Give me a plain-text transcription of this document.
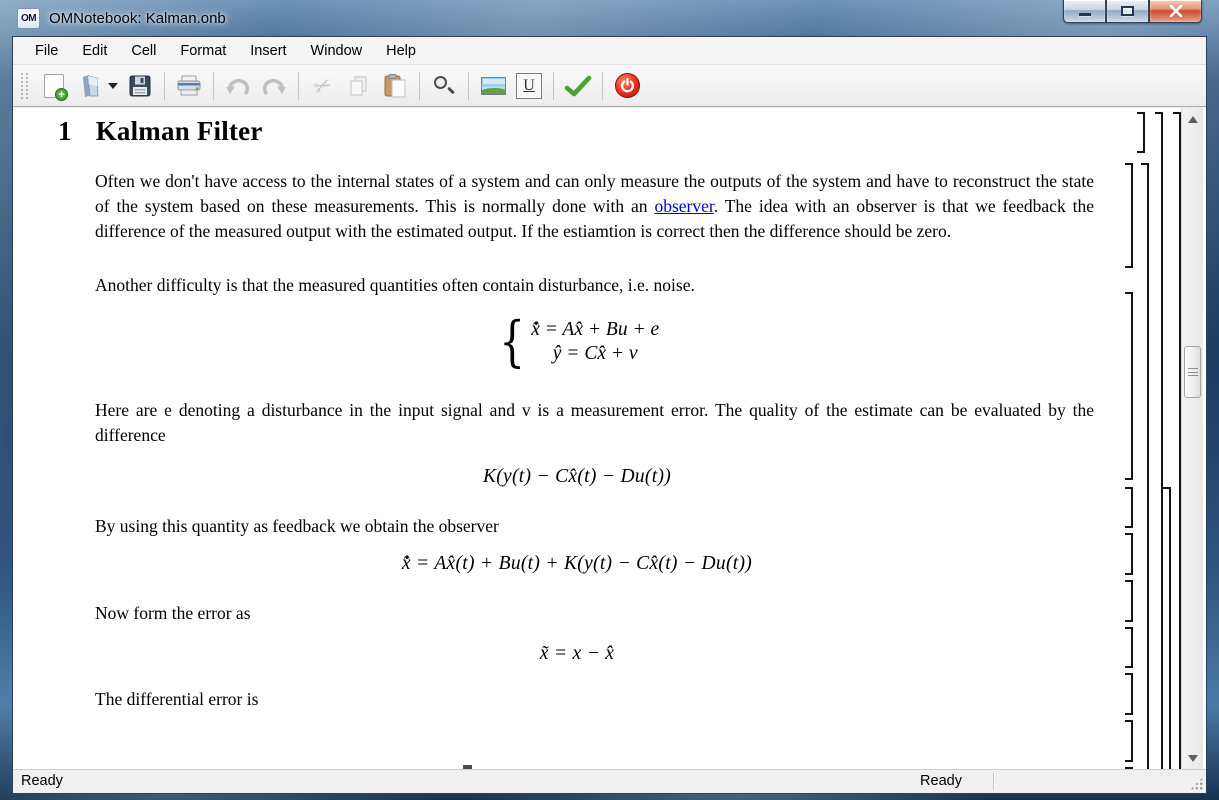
OM OMNotebook: Kalman.onb
File	Edit	Cell	Format	Insert	Window	Help
+	✂	U
1 Kalman Filter

Often we don't have access to the internal states of a system and can only measure the outputs of the system and have to reconstruct the state of the system based on these measurements. This is normally done with an observer. The idea with an observer is that we feedback the difference of the measured output with the estimated output. If the estiamtion is correct then the difference should be zero.

Another difficulty is that the measured quantities often contain disturbance, i.e. noise.

{ x̂̇ = Ax̂ + Bu + e
ŷ = Cx̂ + v

Here are e denoting a disturbance in the input signal and v is a measurement error. The quality of the estimate can be evaluated by the difference

K(y(t) − Cx̂(t) − Du(t))

By using this quantity as feedback we obtain the observer

x̂̇ = Ax̂(t) + Bu(t) + K(y(t) − Cx̂(t) − Du(t))

Now form the error as

x̃ = x − x̂

The differential error is

Ready	Ready
